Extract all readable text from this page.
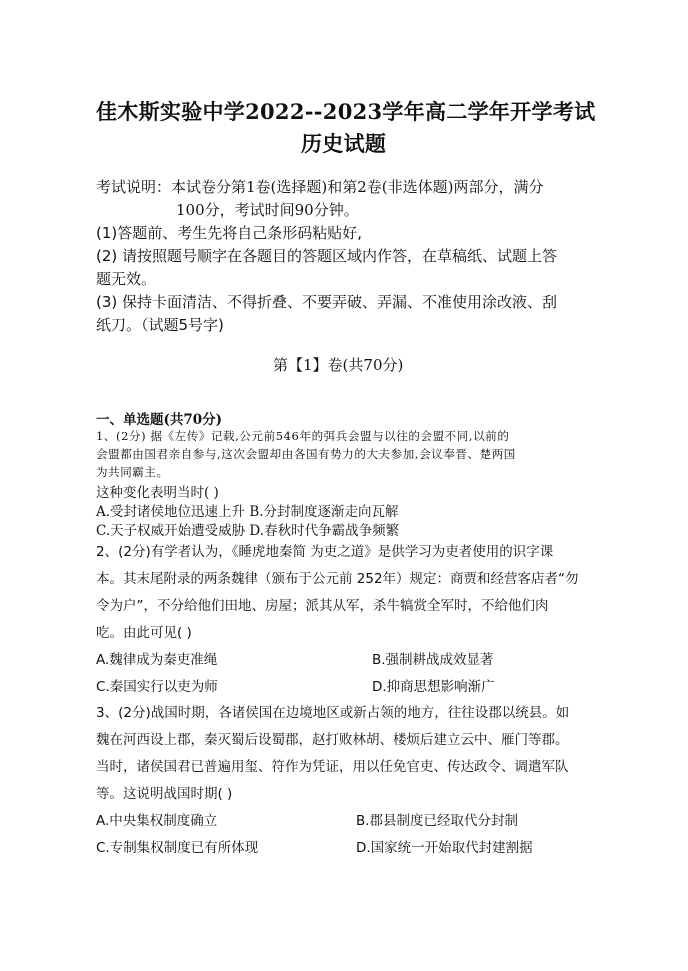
佳木斯实验中学2022--2023学年高二学年开学考试
历史试题
考试说明：本试卷分第1卷(选择题)和第2卷(非选体题)两部分，满分
100分，考试时间90分钟。
(1)答题前、考生先将自己条形码粘贴好,
(2) 请按照题号顺字在各题目的答题区域内作答，在草稿纸、试题上答
题无效。
(3) 保持卡面清洁、不得折叠、不要弄破、弄漏、不准使用涂改液、刮
纸刀。（试题5号字)
第【1】卷(共70分)
一、单选题(共70分)
1、(2分) 据《左传》记载,公元前546年的弭兵会盟与以往的会盟不同,以前的
会盟都由国君亲自参与,这次会盟却由各国有势力的大夫参加,会议奉晋、楚两国
为共同霸主。
这种变化表明当时( )
A.受封诸侯地位迅速上升 B.分封制度逐渐走向瓦解
C.天子权威开始遭受威胁 D.春秋时代争霸战争频繁
2、(2分)有学者认为，《睡虎地秦简 为吏之道》是供学习为吏者使用的识字课
本。其末尾附录的两条魏律（颁布于公元前 252年）规定：商贾和经营客店者“勿
令为户”，不分给他们田地、房屋；派其从军，杀牛犒赏全军时，不给他们肉
吃。由此可见( )
A.魏律成为秦吏准绳	B.强制耕战成效显著
C.秦国实行以吏为师	D.抑商思想影响渐广
3、(2分)战国时期，各诸侯国在边境地区或新占领的地方，往往设郡以统县。如
魏在河西设上郡，秦灭蜀后设蜀郡，赵打败林胡、楼烦后建立云中、雁门等郡。
当时，诸侯国君已普遍用玺、符作为凭证，用以任免官吏、传达政令、调遣军队
等。这说明战国时期( )
A.中央集权制度确立	B.郡县制度已经取代分封制
C.专制集权制度已有所体现	D.国家统一开始取代封建割据
